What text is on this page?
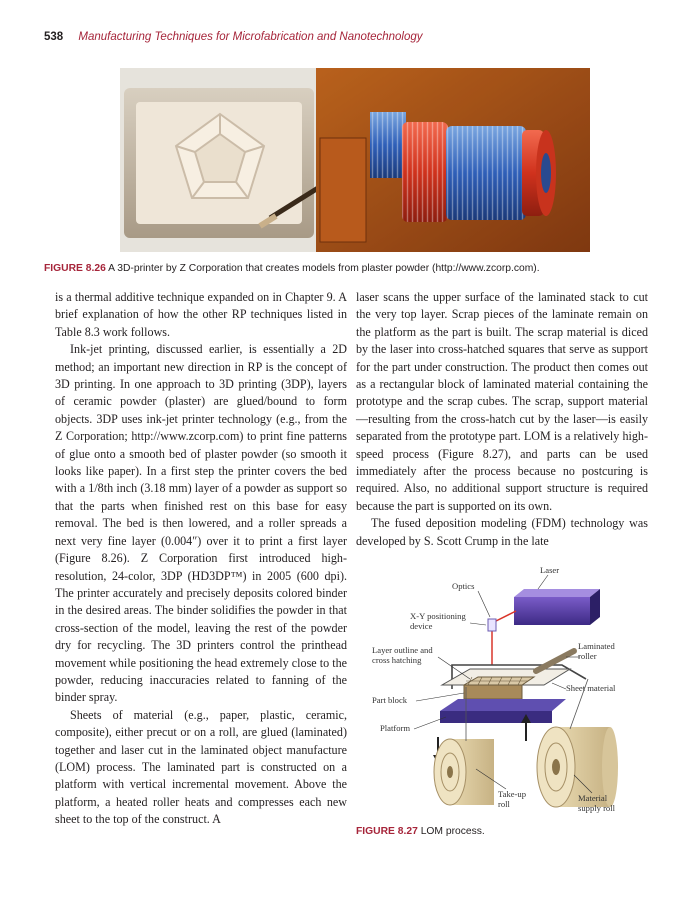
538 Manufacturing Techniques for Microfabrication and Nanotechnology
FIGURE 8.26 A 3D-printer by Z Corporation that creates models from plaster powder (http://www.zcorp.com).

is a thermal additive technique expanded on in Chapter 9. A brief explanation of how the other RP techniques listed in Table 8.3 work follows.

Ink-jet printing, discussed earlier, is essentially a 2D method; an important new direction in RP is the concept of 3D printing. In one approach to 3D printing (3DP), layers of ceramic powder (plaster) are glued/bound to form objects. 3DP uses ink-jet printer technology (e.g., from the Z Corporation; http://www.zcorp.com) to print fine patterns of glue onto a smooth bed of plaster powder (so smooth it looks like paper). In a first step the printer covers the bed with a 1/8th inch (3.18 mm) layer of a powder as support so that the parts when finished rest on this base for easy removal. The bed is then lowered, and a roller spreads a next very fine layer (0.004″) over it to print a first layer (Figure 8.26). Z Corporation first introduced high-resolution, 24-color, 3DP (HD3DP™) in 2005 (600 dpi). The printer accurately and precisely deposits colored binder in the desired areas. The binder solidifies the powder in that cross-section of the model, leaving the rest of the powder dry for recycling. The 3D printers control the printhead movement while positioning the head extremely close to the powder, reducing inaccuracies related to fanning of the binder spray.

Sheets of material (e.g., paper, plastic, ceramic, composite), either precut or on a roll, are glued (laminated) together and laser cut in the laminated object manufacture (LOM) process. The laminated part is constructed on a platform with vertical incremental movement. Above the platform, a heated roller heats and compresses each new sheet to the top of the construct. A

laser scans the upper surface of the laminated stack to cut the very top layer. Scrap pieces of the laminate remain on the platform as the part is built. The scrap material is diced by the laser into cross-hatched squares that serve as support for the part under construction. The product then comes out as a rectangular block of laminated material containing the prototype and the scrap cubes. The scrap, support material—resulting from the cross-hatch cut by the laser—is easily separated from the prototype part. LOM is a relatively high-speed process (Figure 8.27), and parts can be used immediately after the process because no postcuring is required. Also, no additional support structure is required because the part is supported on its own.

The fused deposition modeling (FDM) technology was developed by S. Scott Crump in the late

Laser
Optics
X-Y positioning
device
Layer outline and
cross hatching
Laminated
roller
Sheet material
Part block
Platform
Take-up
roll
Material
supply roll
FIGURE 8.27 LOM process.
